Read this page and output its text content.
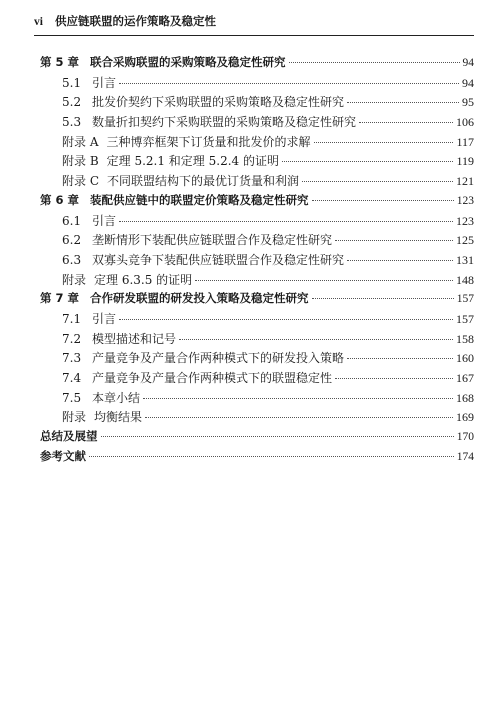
vi 供应链联盟的运作策略及稳定性
第 5 章 联合采购联盟的采购策略及稳定性研究	94
5.1 引言	94
5.2 批发价契约下采购联盟的采购策略及稳定性研究	95
5.3 数量折扣契约下采购联盟的采购策略及稳定性研究	106
附录 A 三种博弈框架下订货量和批发价的求解	117
附录 B 定理 5.2.1 和定理 5.2.4 的证明	119
附录 C 不同联盟结构下的最优订货量和利润	121
第 6 章 装配供应链中的联盟定价策略及稳定性研究	123
6.1 引言	123
6.2 垄断情形下装配供应链联盟合作及稳定性研究	125
6.3 双寡头竞争下装配供应链联盟合作及稳定性研究	131
附录 定理 6.3.5 的证明	148
第 7 章 合作研发联盟的研发投入策略及稳定性研究	157
7.1 引言	157
7.2 模型描述和记号	158
7.3 产量竞争及产量合作两种模式下的研发投入策略	160
7.4 产量竞争及产量合作两种模式下的联盟稳定性	167
7.5 本章小结	168
附录 均衡结果	169
总结及展望	170
参考文献	174
